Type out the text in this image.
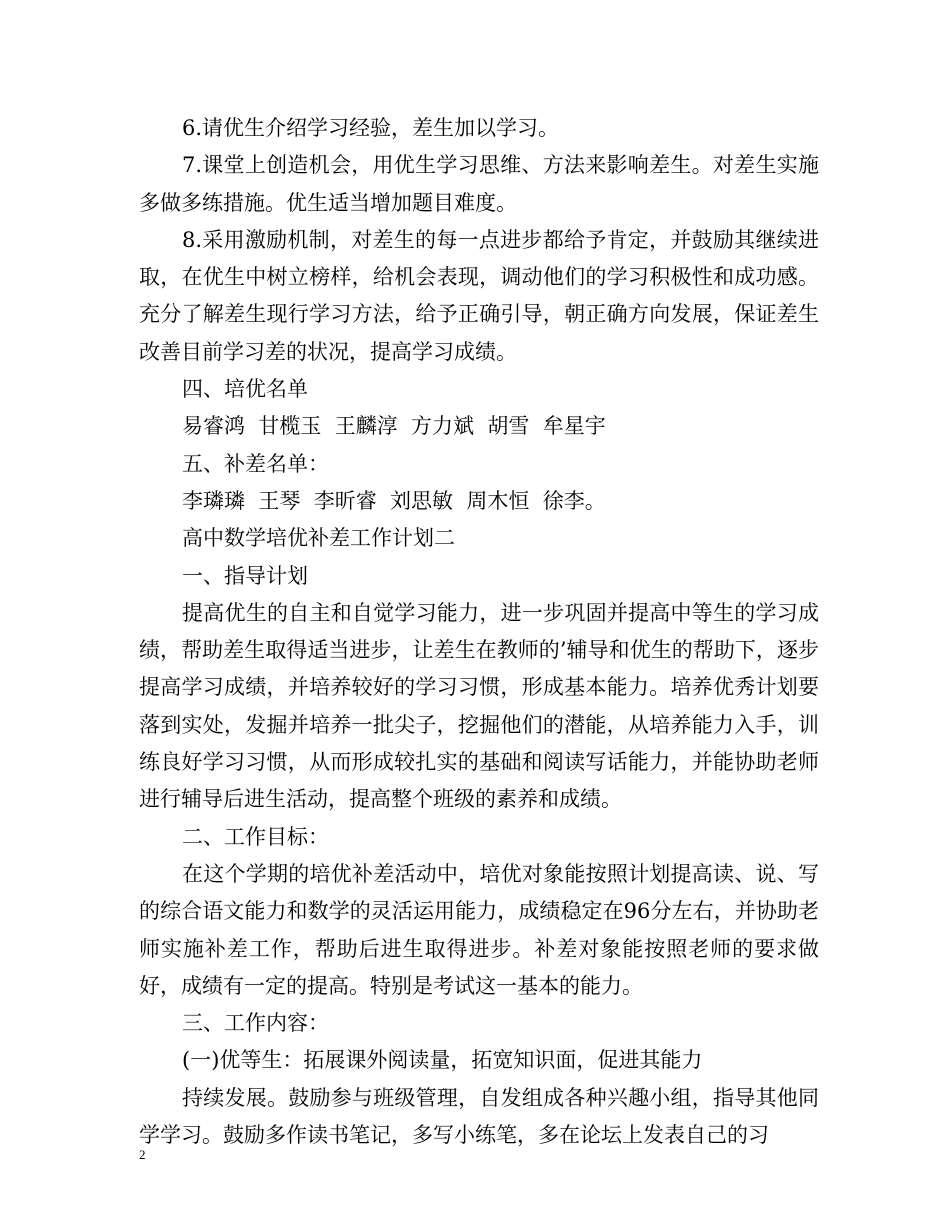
6.请优生介绍学习经验，差生加以学习。

7.课堂上创造机会，用优生学习思维、方法来影响差生。对差生实施多做多练措施。优生适当增加题目难度。

8.采用激励机制，对差生的每一点进步都给予肯定，并鼓励其继续进取，在优生中树立榜样，给机会表现，调动他们的学习积极性和成功感。充分了解差生现行学习方法，给予正确引导，朝正确方向发展，保证差生改善目前学习差的状况，提高学习成绩。

四、培优名单

易睿鸿  甘榄玉  王麟淳  方力斌  胡雪  牟星宇

五、补差名单：

李璘璘  王琴  李昕睿  刘思敏  周木恒  徐李。

高中数学培优补差工作计划二

一、指导计划

提高优生的自主和自觉学习能力，进一步巩固并提高中等生的学习成绩，帮助差生取得适当进步，让差生在教师的’辅导和优生的帮助下，逐步提高学习成绩，并培养较好的学习习惯，形成基本能力。培养优秀计划要落到实处，发掘并培养一批尖子，挖掘他们的潜能，从培养能力入手，训练良好学习习惯，从而形成较扎实的基础和阅读写话能力，并能协助老师进行辅导后进生活动，提高整个班级的素养和成绩。

二、工作目标：

在这个学期的培优补差活动中，培优对象能按照计划提高读、说、写的综合语文能力和数学的灵活运用能力，成绩稳定在96分左右，并协助老师实施补差工作，帮助后进生取得进步。补差对象能按照老师的要求做好，成绩有一定的提高。特别是考试这一基本的能力。

三、工作内容：

(一)优等生：拓展课外阅读量，拓宽知识面，促进其能力

持续发展。鼓励参与班级管理，自发组成各种兴趣小组，指导其他同学学习。鼓励多作读书笔记，多写小练笔，多在论坛上发表自己的习

2
